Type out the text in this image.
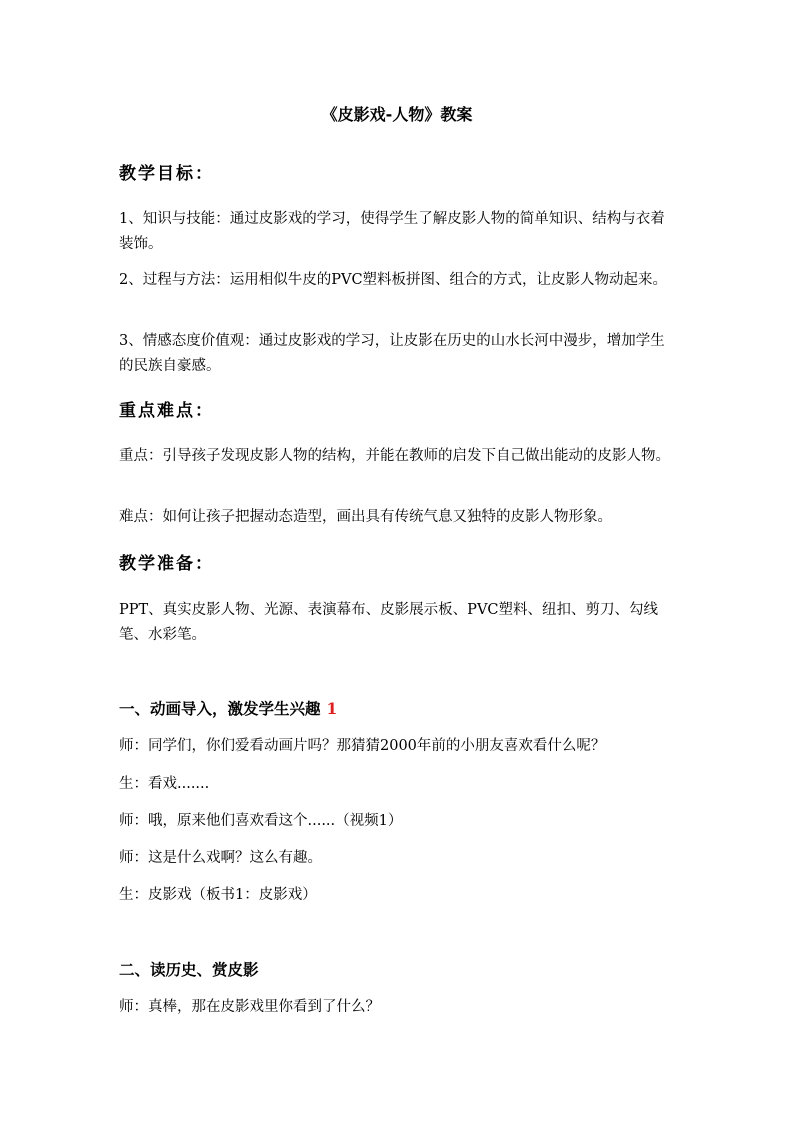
《皮影戏-人物》教案
教学目标：
1、知识与技能：通过皮影戏的学习，使得学生了解皮影人物的简单知识、结构与衣着装饰。
2、过程与方法：运用相似牛皮的PVC塑料板拼图、组合的方式，让皮影人物动起来。
3、情感态度价值观：通过皮影戏的学习，让皮影在历史的山水长河中漫步，增加学生的民族自豪感。
重点难点：
重点：引导孩子发现皮影人物的结构，并能在教师的启发下自己做出能动的皮影人物。
难点：如何让孩子把握动态造型，画出具有传统气息又独特的皮影人物形象。
教学准备：
PPT、真实皮影人物、光源、表演幕布、皮影展示板、PVC塑料、纽扣、剪刀、勾线笔、水彩笔。
一、动画导入，激发学生兴趣 1
师：同学们，你们爱看动画片吗？那猜猜2000年前的小朋友喜欢看什么呢？
生：看戏.......
师：哦，原来他们喜欢看这个......（视频1）
师：这是什么戏啊？这么有趣。
生：皮影戏（板书1：皮影戏）
二、读历史、赏皮影
师：真棒，那在皮影戏里你看到了什么？
